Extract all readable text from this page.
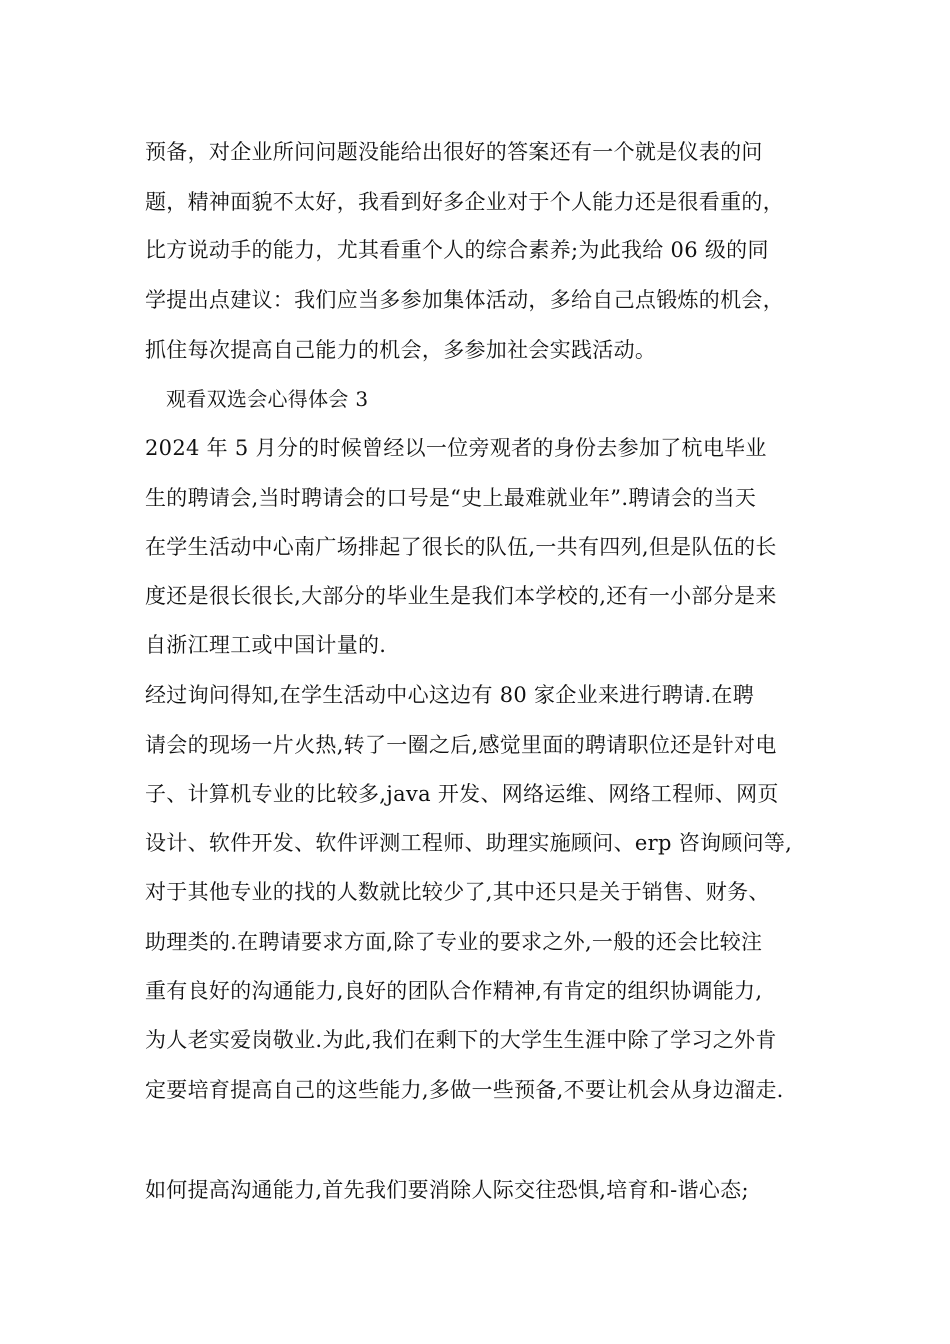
预备，对企业所问问题没能给出很好的答案还有一个就是仪表的问
题，精神面貌不太好，我看到好多企业对于个人能力还是很看重的，
比方说动手的能力，尤其看重个人的综合素养;为此我给 06 级的同
学提出点建议：我们应当多参加集体活动，多给自己点锻炼的机会，
抓住每次提高自己能力的机会，多参加社会实践活动。
观看双选会心得体会 3
2024 年 5 月分的时候曾经以一位旁观者的身份去参加了杭电毕业
生的聘请会,当时聘请会的口号是“史上最难就业年”.聘请会的当天
在学生活动中心南广场排起了很长的队伍,一共有四列,但是队伍的长
度还是很长很长,大部分的毕业生是我们本学校的,还有一小部分是来
自浙江理工或中国计量的.
经过询问得知,在学生活动中心这边有 80 家企业来进行聘请.在聘
请会的现场一片火热,转了一圈之后,感觉里面的聘请职位还是针对电
子、计算机专业的比较多,java 开发、网络运维、网络工程师、网页
设计、软件开发、软件评测工程师、助理实施顾问、erp 咨询顾问等,
对于其他专业的找的人数就比较少了,其中还只是关于销售、财务、
助理类的.在聘请要求方面,除了专业的要求之外,一般的还会比较注
重有良好的沟通能力,良好的团队合作精神,有肯定的组织协调能力,
为人老实爱岗敬业.为此,我们在剩下的大学生生涯中除了学习之外肯
定要培育提高自己的这些能力,多做一些预备,不要让机会从身边溜走.
如何提高沟通能力,首先我们要消除人际交往恐惧,培育和-谐心态;
